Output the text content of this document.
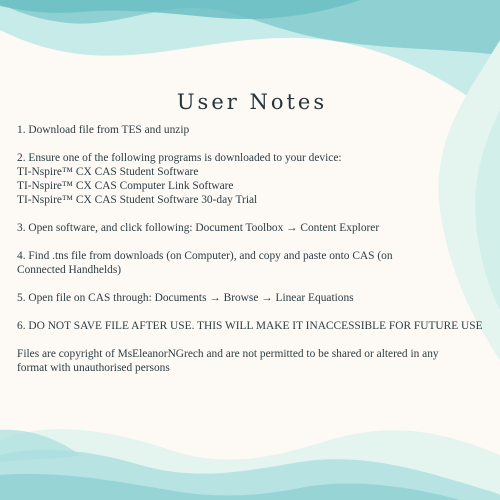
User Notes

1. Download file from TES and unzip

2. Ensure one of the following programs is downloaded to your device:
TI-Nspire™ CX CAS Student Software
TI-Nspire™ CX CAS Computer Link Software
TI-Nspire™ CX CAS Student Software 30-day Trial

3. Open software, and click following: Document Toolbox → Content Explorer

4. Find .tns file from downloads (on Computer), and copy and paste onto CAS (on
Connected Handhelds)

5. Open file on CAS through: Documents → Browse → Linear Equations

6. DO NOT SAVE FILE AFTER USE. THIS WILL MAKE IT INACCESSIBLE FOR FUTURE USE

Files are copyright of MsEleanorNGrech and are not permitted to be shared or altered in any
format with unauthorised persons
